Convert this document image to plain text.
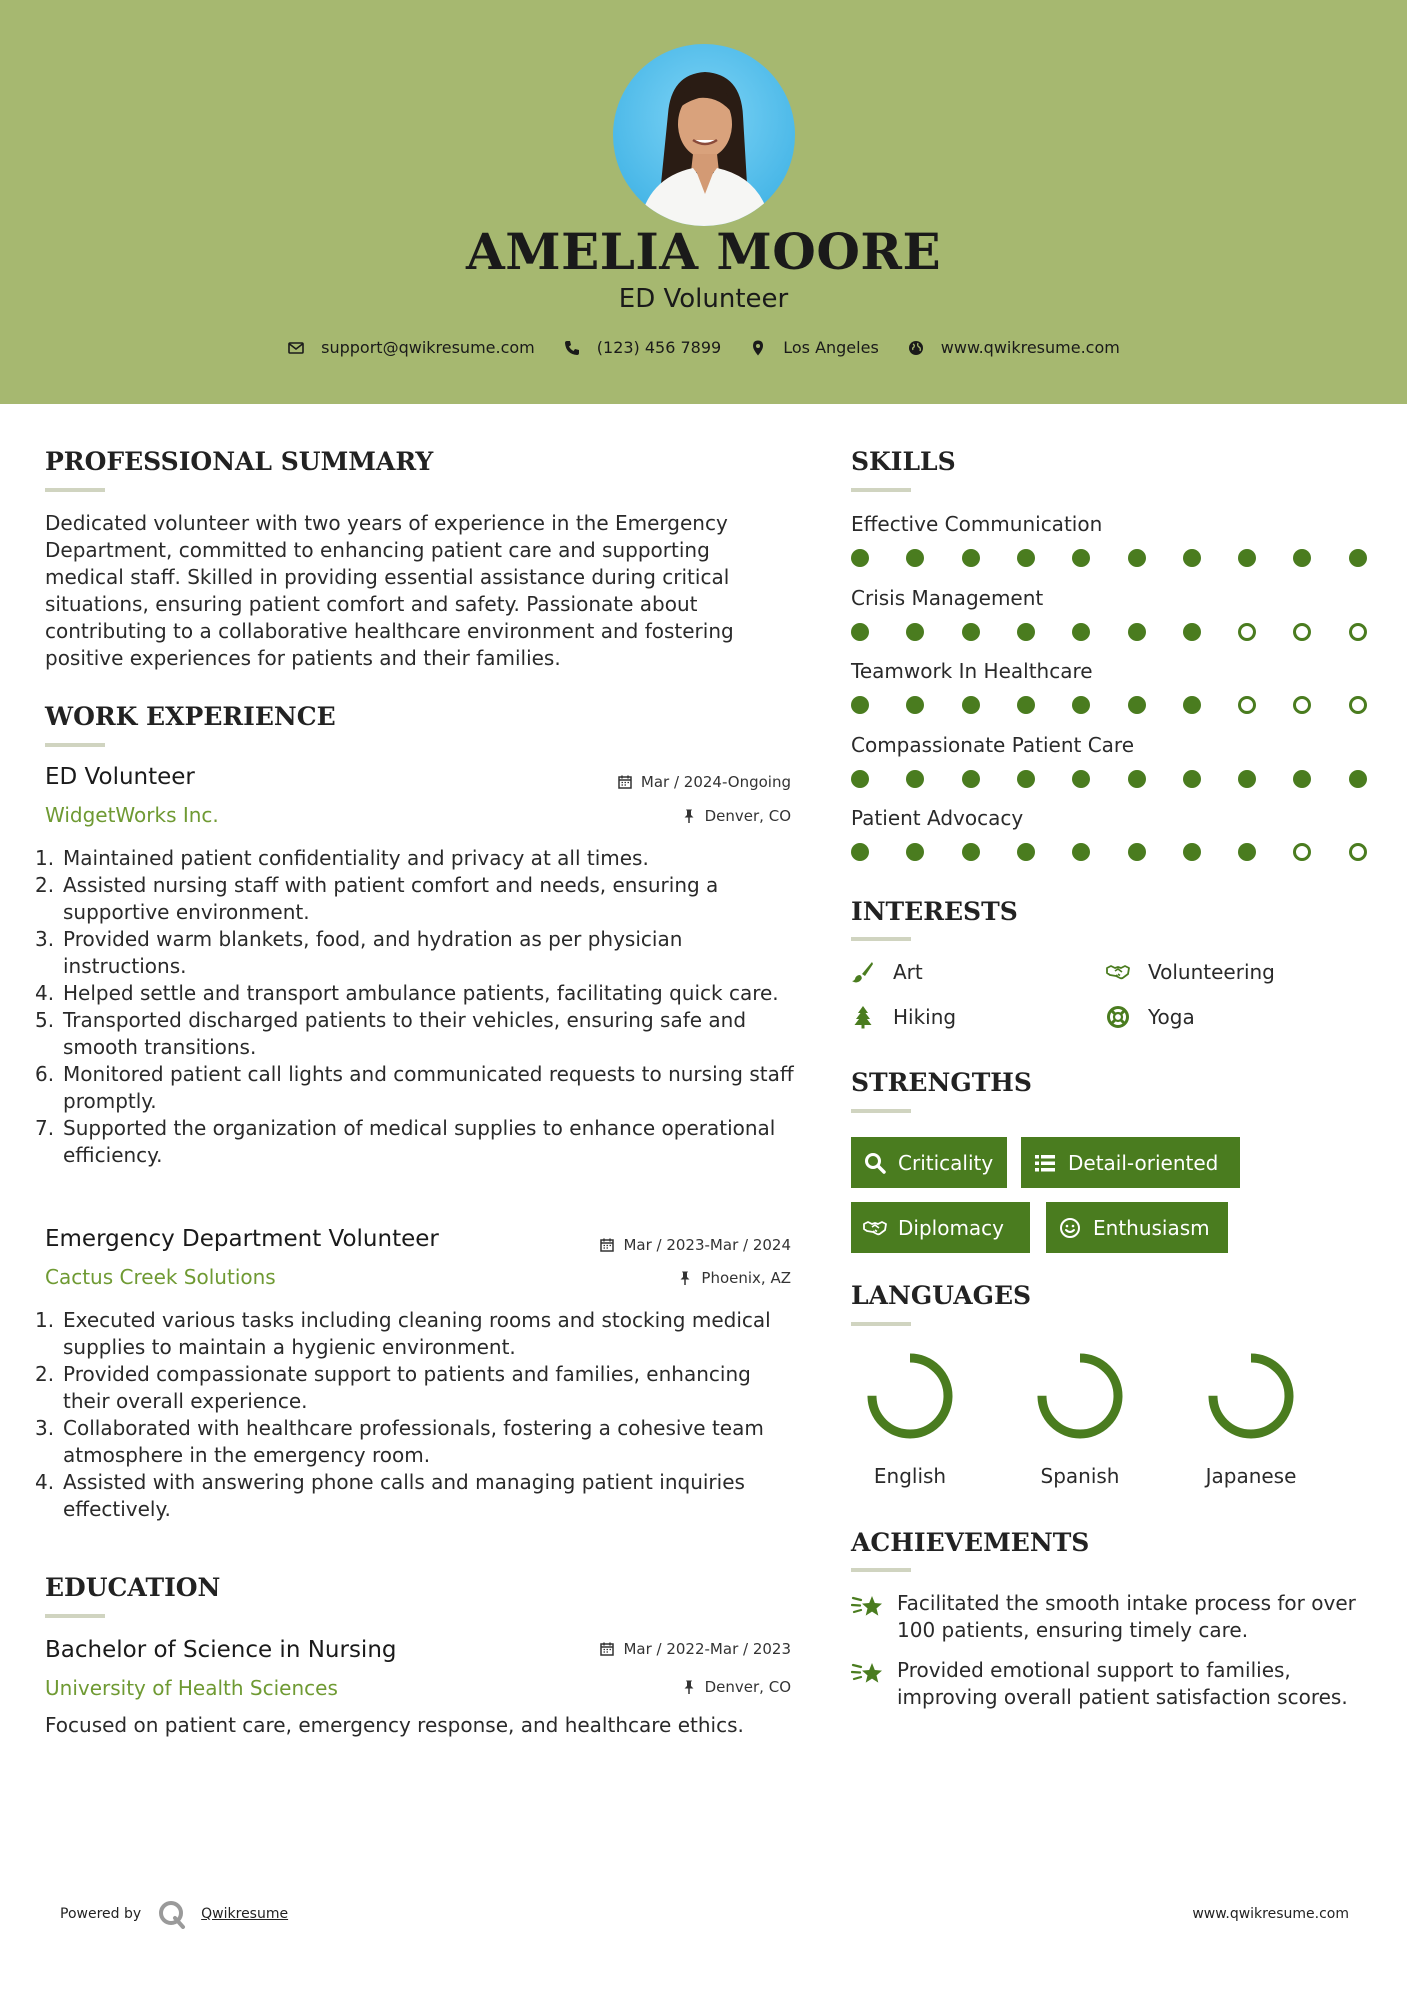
AMELIA MOORE
ED Volunteer
support@qwikresume.com	(123) 456 7899	Los Angeles	www.qwikresume.com
PROFESSIONAL SUMMARY
Dedicated volunteer with two years of experience in the Emergency Department, committed to enhancing patient care and supporting medical staff. Skilled in providing essential assistance during critical situations, ensuring patient comfort and safety. Passionate about contributing to a collaborative healthcare environment and fostering positive experiences for patients and their families.
WORK EXPERIENCE
ED Volunteer	Mar / 2024-Ongoing
WidgetWorks Inc.	Denver, CO
1. Maintained patient confidentiality and privacy at all times.
2. Assisted nursing staff with patient comfort and needs, ensuring a supportive environment.
3. Provided warm blankets, food, and hydration as per physician instructions.
4. Helped settle and transport ambulance patients, facilitating quick care.
5. Transported discharged patients to their vehicles, ensuring safe and smooth transitions.
6. Monitored patient call lights and communicated requests to nursing staff promptly.
7. Supported the organization of medical supplies to enhance operational efficiency.
Emergency Department Volunteer	Mar / 2023-Mar / 2024
Cactus Creek Solutions	Phoenix, AZ
1. Executed various tasks including cleaning rooms and stocking medical supplies to maintain a hygienic environment.
2. Provided compassionate support to patients and families, enhancing their overall experience.
3. Collaborated with healthcare professionals, fostering a cohesive team atmosphere in the emergency room.
4. Assisted with answering phone calls and managing patient inquiries effectively.
EDUCATION
Bachelor of Science in Nursing	Mar / 2022-Mar / 2023
University of Health Sciences	Denver, CO
Focused on patient care, emergency response, and healthcare ethics.
SKILLS
Effective Communication
Crisis Management
Teamwork In Healthcare
Compassionate Patient Care
Patient Advocacy
INTERESTS
Art	Volunteering
Hiking	Yoga
STRENGTHS
Criticality	Detail-oriented
Diplomacy	Enthusiasm
LANGUAGES
English	Spanish	Japanese
ACHIEVEMENTS
Facilitated the smooth intake process for over 100 patients, ensuring timely care.
Provided emotional support to families, improving overall patient satisfaction scores.
Powered by	Qwikresume	www.qwikresume.com
